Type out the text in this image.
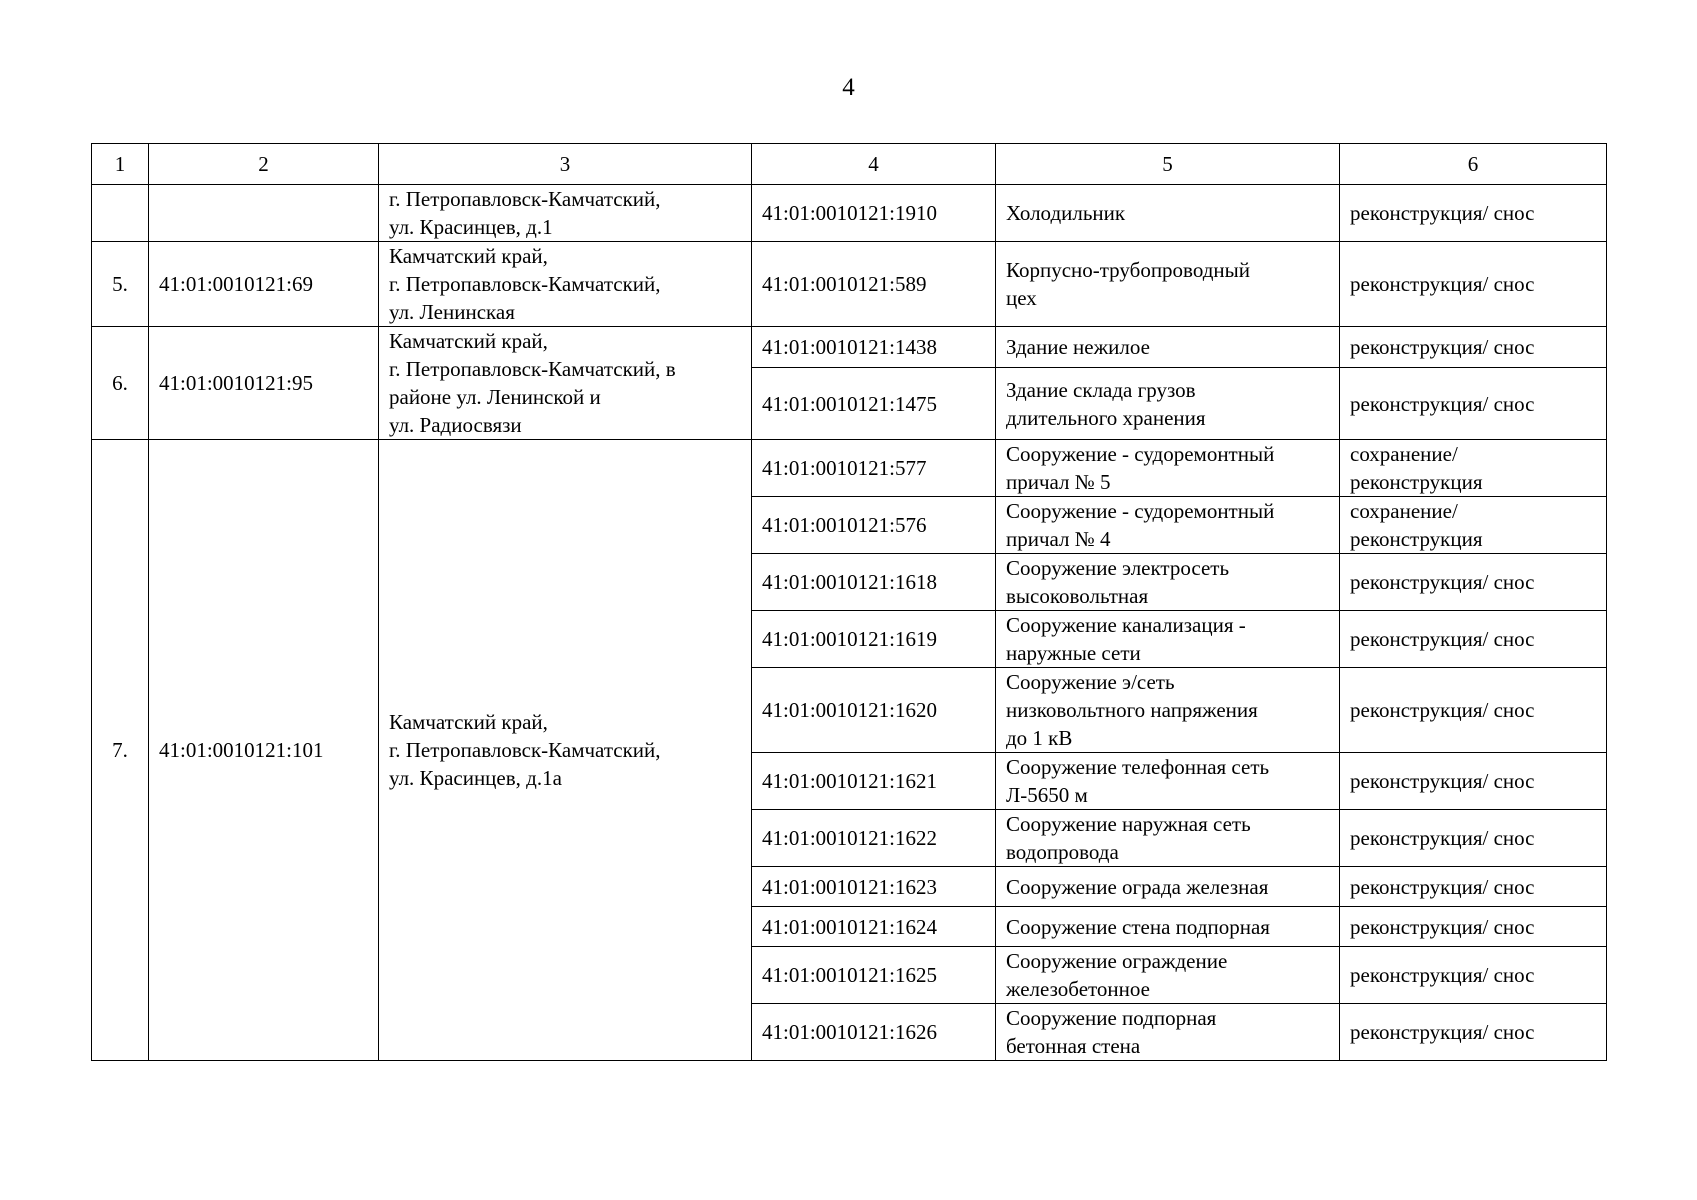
4
1	2	3	4	5	6

		г. Петропавловск-Камчатский,
ул. Красинцев, д.1	41:01:0010121:1910	Холодильник	реконструкция/ снос

5.	41:01:0010121:69	Камчатский край,
г. Петропавловск-Камчатский,
ул. Ленинская	41:01:0010121:589	Корпусно-трубопроводный
цех	реконструкция/ снос

6.	41:01:0010121:95	Камчатский край,
г. Петропавловск-Камчатский, в
районе ул. Ленинской и
ул. Радиосвязи	41:01:0010121:1438	Здание нежилое	реконструкция/ снос

			41:01:0010121:1475	Здание склада грузов
длительного хранения	реконструкция/ снос

7.	41:01:0010121:101	Камчатский край,
г. Петропавловск-Камчатский,
ул. Красинцев, д.1а	41:01:0010121:577	Сооружение - судоремонтный
причал № 5	сохранение/
реконструкция

			41:01:0010121:576	Сооружение - судоремонтный
причал № 4	сохранение/
реконструкция

			41:01:0010121:1618	Сооружение электросеть
высоковольтная	реконструкция/ снос

			41:01:0010121:1619	Сооружение канализация -
наружные сети	реконструкция/ снос

			41:01:0010121:1620	Сооружение э/сеть
низковольтного напряжения
до 1 кВ	реконструкция/ снос

			41:01:0010121:1621	Сооружение телефонная сеть
Л-5650 м	реконструкция/ снос

			41:01:0010121:1622	Сооружение наружная сеть
водопровода	реконструкция/ снос

			41:01:0010121:1623	Сооружение ограда железная	реконструкция/ снос

			41:01:0010121:1624	Сооружение стена подпорная	реконструкция/ снос

			41:01:0010121:1625	Сооружение ограждение
железобетонное	реконструкция/ снос

			41:01:0010121:1626	Сооружение подпорная
бетонная стена	реконструкция/ снос
